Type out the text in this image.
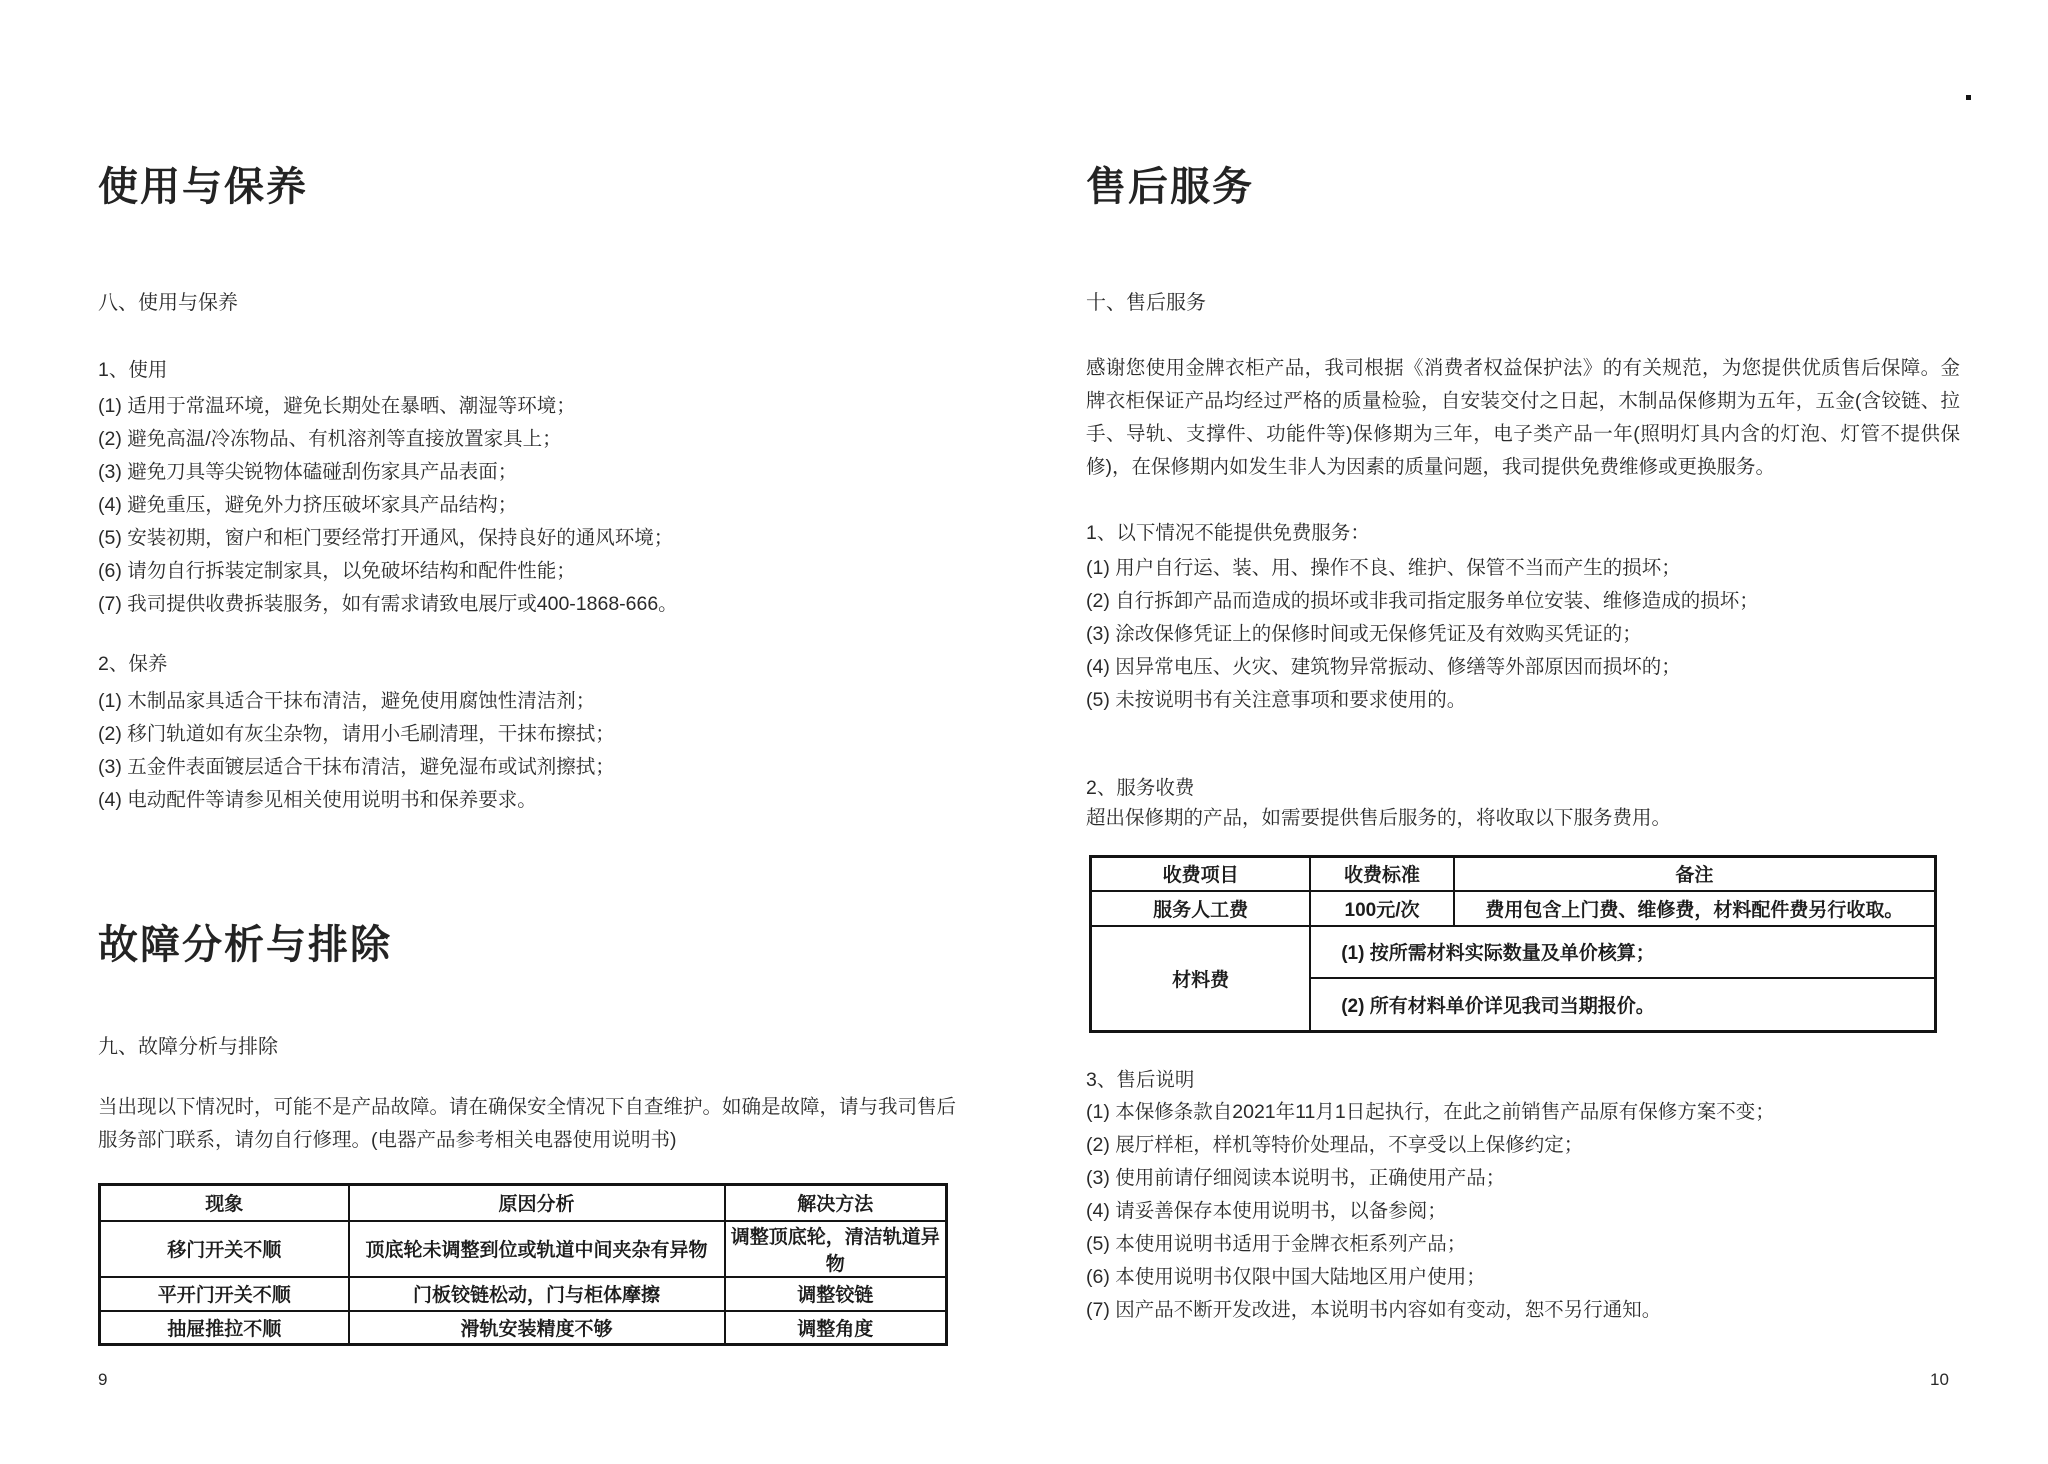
使用与保养
八、使用与保养
1、使用
(1) 适用于常温环境，避免长期处在暴晒、潮湿等环境；
(2) 避免高温/冷冻物品、有机溶剂等直接放置家具上；
(3) 避免刀具等尖锐物体磕碰刮伤家具产品表面；
(4) 避免重压，避免外力挤压破坏家具产品结构；
(5) 安装初期，窗户和柜门要经常打开通风，保持良好的通风环境；
(6) 请勿自行拆装定制家具，以免破坏结构和配件性能；
(7) 我司提供收费拆装服务，如有需求请致电展厅或400-1868-666。
2、保养
(1) 木制品家具适合干抹布清洁，避免使用腐蚀性清洁剂；
(2) 移门轨道如有灰尘杂物，请用小毛刷清理，干抹布擦拭；
(3) 五金件表面镀层适合干抹布清洁，避免湿布或试剂擦拭；
(4) 电动配件等请参见相关使用说明书和保养要求。
故障分析与排除
九、故障分析与排除
当出现以下情况时，可能不是产品故障。请在确保安全情况下自查维护。如确是故障，请与我司售后服务部门联系，请勿自行修理。(电器产品参考相关电器使用说明书)
现象	原因分析	解决方法
移门开关不顺	顶底轮未调整到位或轨道中间夹杂有异物	调整顶底轮，清洁轨道异物
平开门开关不顺	门板铰链松动，门与柜体摩擦	调整铰链
抽屉推拉不顺	滑轨安装精度不够	调整角度
9
售后服务
十、售后服务
感谢您使用金牌衣柜产品，我司根据《消费者权益保护法》的有关规范，为您提供优质售后保障。金牌衣柜保证产品均经过严格的质量检验，自安装交付之日起，木制品保修期为五年，五金(含铰链、拉手、导轨、支撑件、功能件等)保修期为三年，电子类产品一年(照明灯具内含的灯泡、灯管不提供保修)，在保修期内如发生非人为因素的质量问题，我司提供免费维修或更换服务。
1、以下情况不能提供免费服务：
(1) 用户自行运、装、用、操作不良、维护、保管不当而产生的损坏；
(2) 自行拆卸产品而造成的损坏或非我司指定服务单位安装、维修造成的损坏；
(3) 涂改保修凭证上的保修时间或无保修凭证及有效购买凭证的；
(4) 因异常电压、火灾、建筑物异常振动、修缮等外部原因而损坏的；
(5) 未按说明书有关注意事项和要求使用的。
2、服务收费
超出保修期的产品，如需要提供售后服务的，将收取以下服务费用。
收费项目	收费标准	备注
服务人工费	100元/次	费用包含上门费、维修费，材料配件费另行收取。
材料费	(1) 按所需材料实际数量及单价核算；	
	(2) 所有材料单价详见我司当期报价。	
3、售后说明
(1) 本保修条款自2021年11月1日起执行，在此之前销售产品原有保修方案不变；
(2) 展厅样柜，样机等特价处理品，不享受以上保修约定；
(3) 使用前请仔细阅读本说明书，正确使用产品；
(4) 请妥善保存本使用说明书，以备参阅；
(5) 本使用说明书适用于金牌衣柜系列产品；
(6) 本使用说明书仅限中国大陆地区用户使用；
(7) 因产品不断开发改进，本说明书内容如有变动，恕不另行通知。
10
